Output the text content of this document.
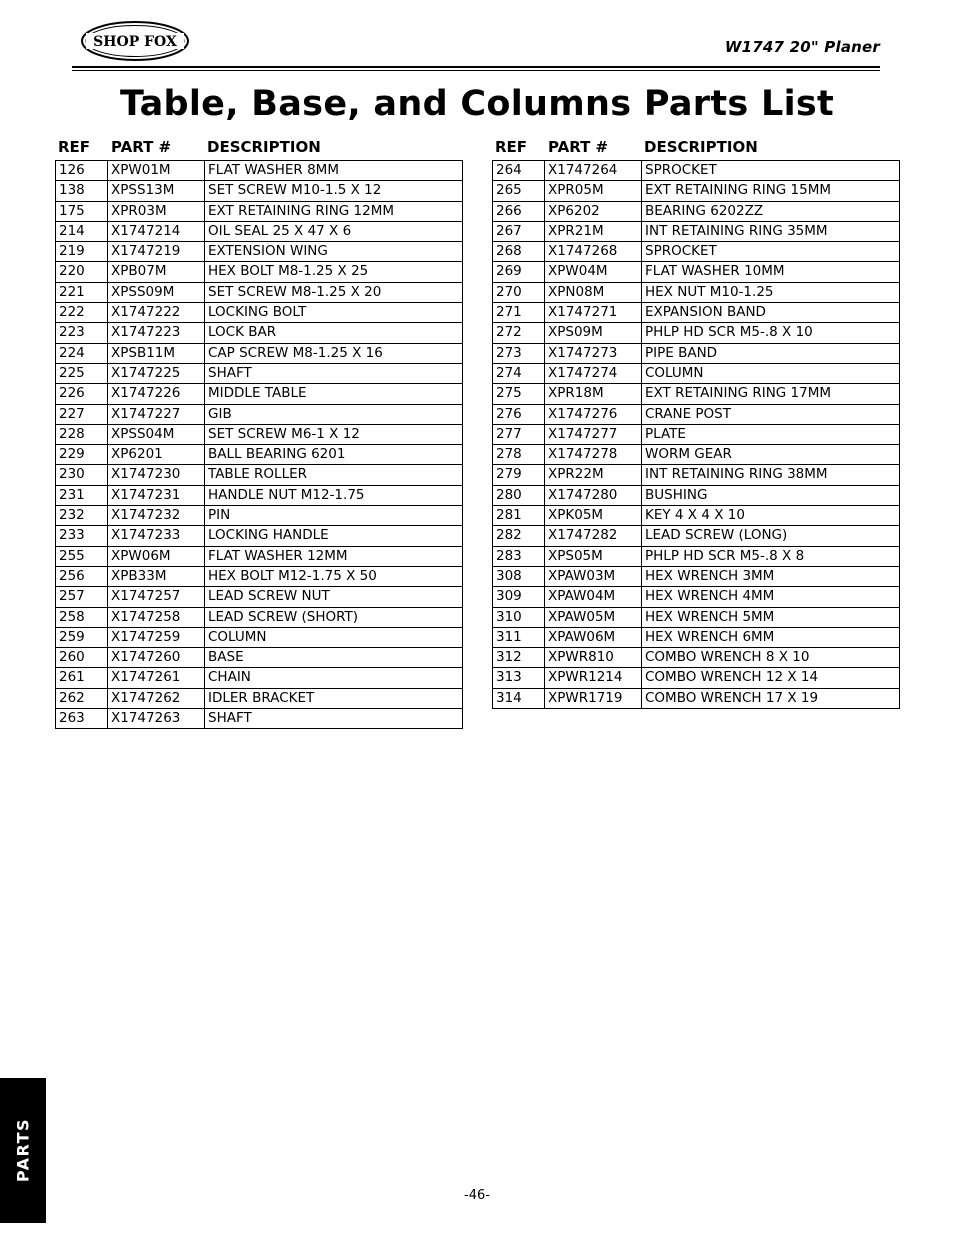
SHOP FOX	W1747 20" Planer
Table, Base, and Columns Parts List
REF PART # DESCRIPTION
126	XPW01M	FLAT WASHER 8MM
138	XPSS13M	SET SCREW M10-1.5 X 12
175	XPR03M	EXT RETAINING RING 12MM
214	X1747214	OIL SEAL 25 X 47 X 6
219	X1747219	EXTENSION WING
220	XPB07M	HEX BOLT M8-1.25 X 25
221	XPSS09M	SET SCREW M8-1.25 X 20
222	X1747222	LOCKING BOLT
223	X1747223	LOCK BAR
224	XPSB11M	CAP SCREW M8-1.25 X 16
225	X1747225	SHAFT
226	X1747226	MIDDLE TABLE
227	X1747227	GIB
228	XPSS04M	SET SCREW M6-1 X 12
229	XP6201	BALL BEARING 6201
230	X1747230	TABLE ROLLER
231	X1747231	HANDLE NUT M12-1.75
232	X1747232	PIN
233	X1747233	LOCKING HANDLE
255	XPW06M	FLAT WASHER 12MM
256	XPB33M	HEX BOLT M12-1.75 X 50
257	X1747257	LEAD SCREW NUT
258	X1747258	LEAD SCREW (SHORT)
259	X1747259	COLUMN
260	X1747260	BASE
261	X1747261	CHAIN
262	X1747262	IDLER BRACKET
263	X1747263	SHAFT
REF PART # DESCRIPTION
264	X1747264	SPROCKET
265	XPR05M	EXT RETAINING RING 15MM
266	XP6202	BEARING 6202ZZ
267	XPR21M	INT RETAINING RING 35MM
268	X1747268	SPROCKET
269	XPW04M	FLAT WASHER 10MM
270	XPN08M	HEX NUT M10-1.25
271	X1747271	EXPANSION BAND
272	XPS09M	PHLP HD SCR M5-.8 X 10
273	X1747273	PIPE BAND
274	X1747274	COLUMN
275	XPR18M	EXT RETAINING RING 17MM
276	X1747276	CRANE POST
277	X1747277	PLATE
278	X1747278	WORM GEAR
279	XPR22M	INT RETAINING RING 38MM
280	X1747280	BUSHING
281	XPK05M	KEY 4 X 4 X 10
282	X1747282	LEAD SCREW (LONG)
283	XPS05M	PHLP HD SCR M5-.8 X 8
308	XPAW03M	HEX WRENCH 3MM
309	XPAW04M	HEX WRENCH 4MM
310	XPAW05M	HEX WRENCH 5MM
311	XPAW06M	HEX WRENCH 6MM
312	XPWR810	COMBO WRENCH 8 X 10
313	XPWR1214	COMBO WRENCH 12 X 14
314	XPWR1719	COMBO WRENCH 17 X 19
PARTS
-46-
